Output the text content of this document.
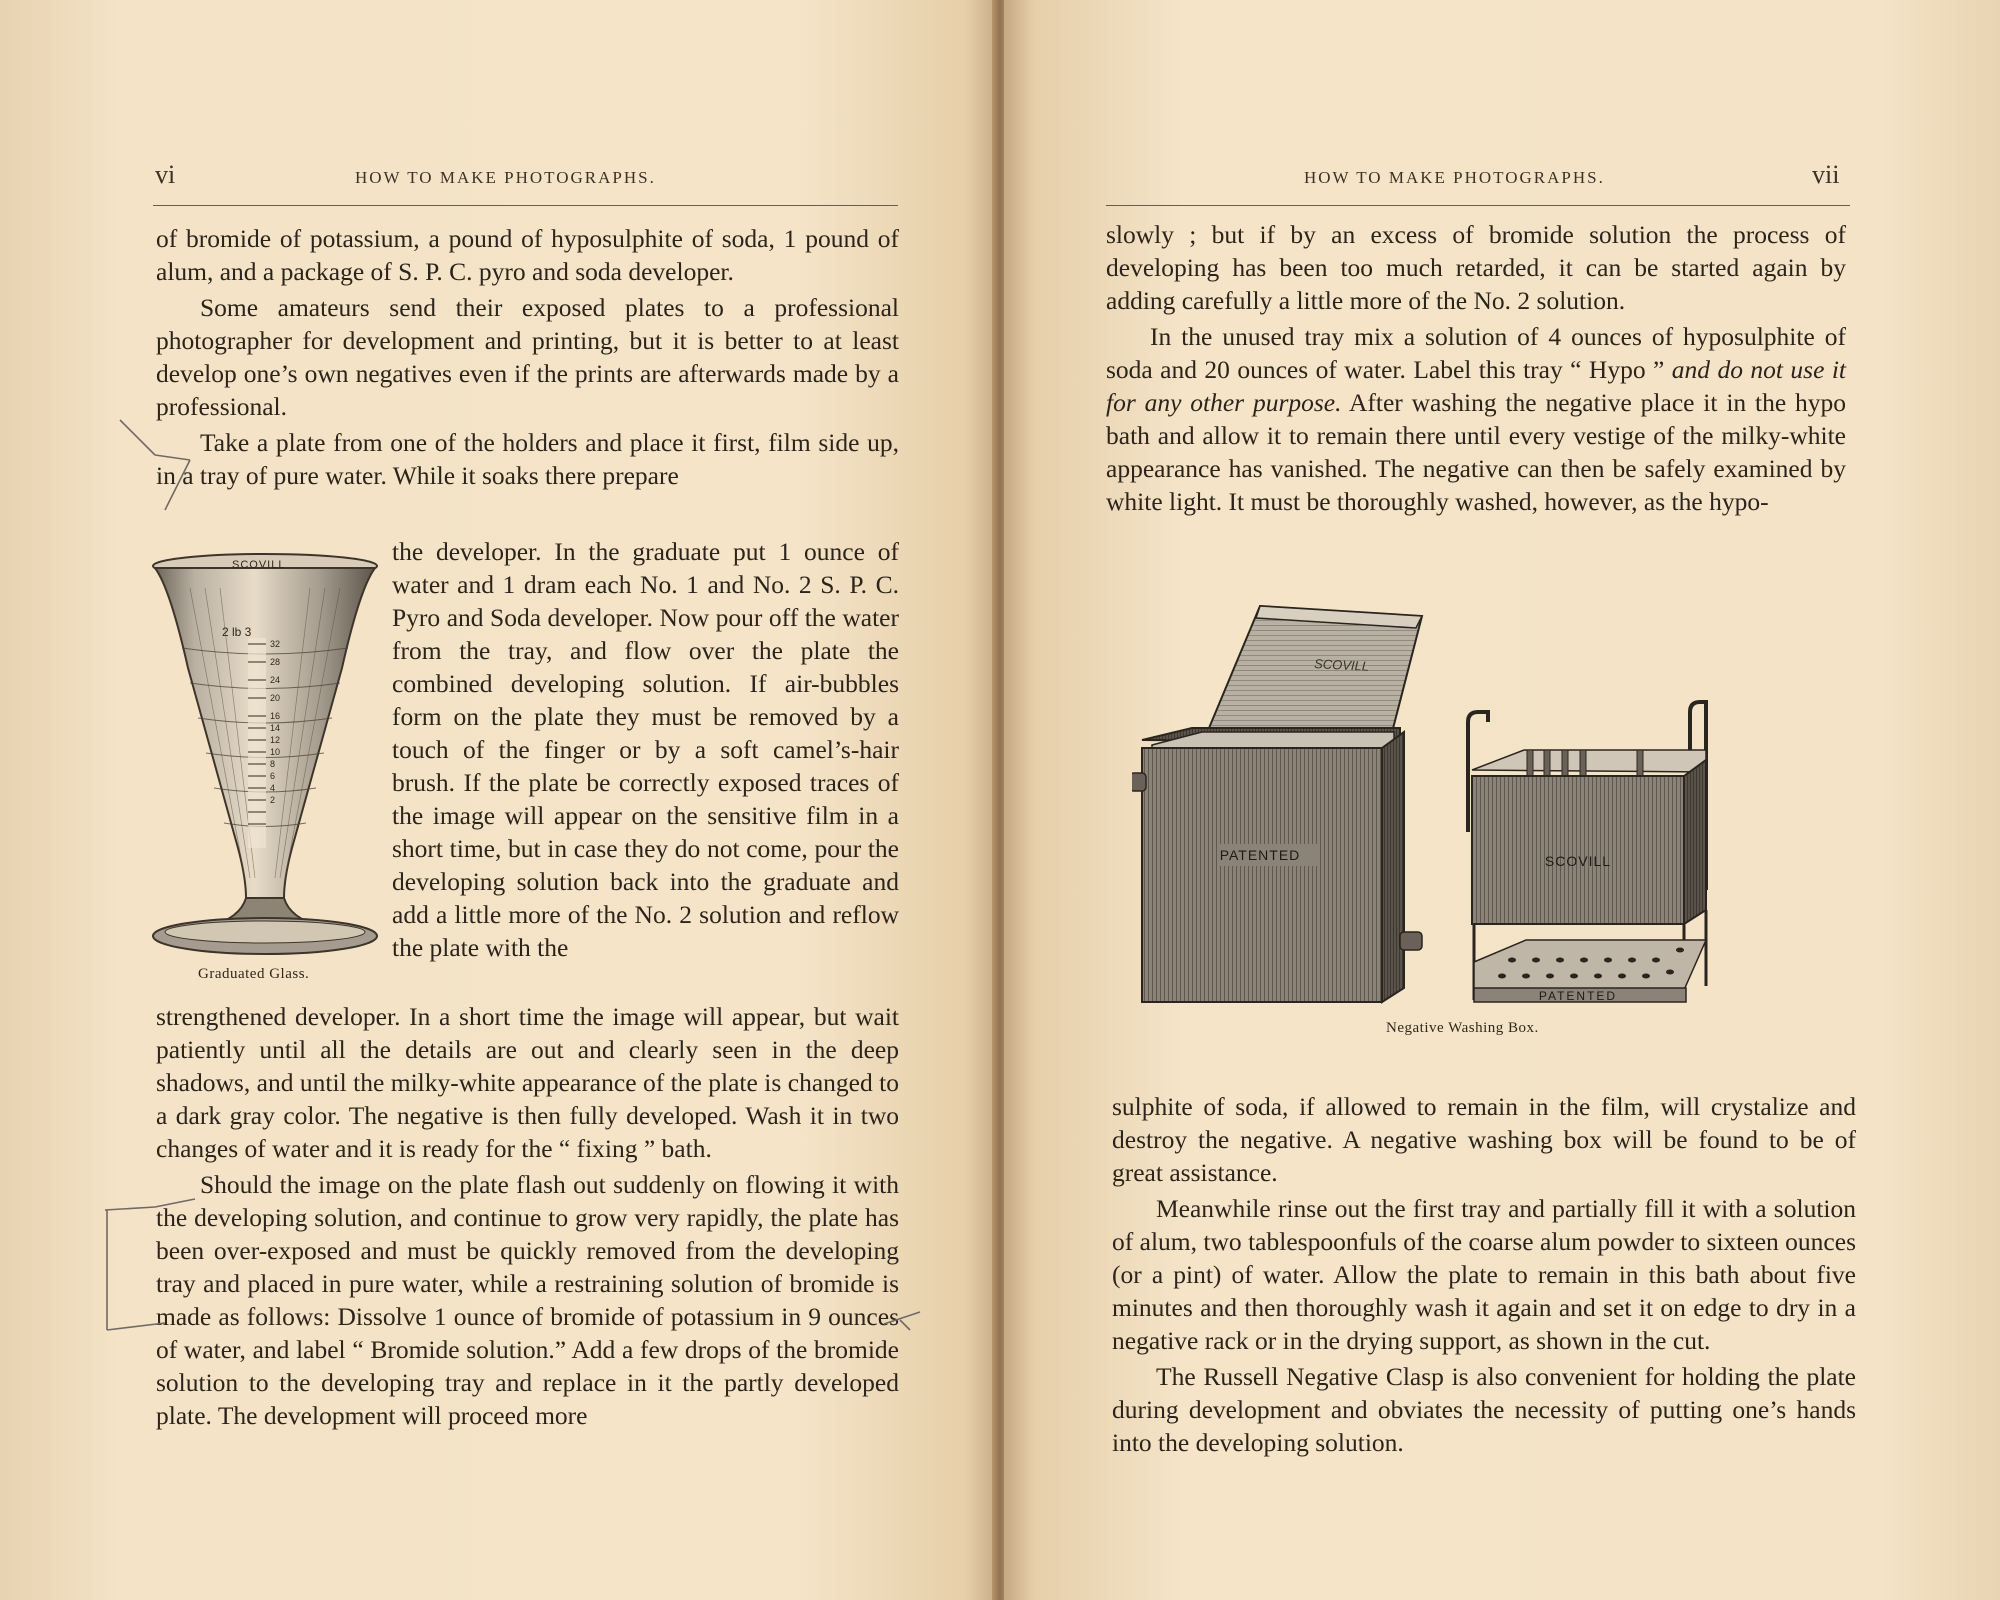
vi	HOW TO MAKE PHOTOGRAPHS.

of bromide of potassium, a pound of hyposulphite of soda, 1 pound of alum, and a package of S. P. C. pyro and soda developer.

Some amateurs send their exposed plates to a professional photographer for development and printing, but it is better to at least develop one’s own negatives even if the prints are afterwards made by a professional.

Take a plate from one of the holders and place it first, film side up, in a tray of pure water. While it soaks there prepare

the developer. In the graduate put 1 ounce of water and 1 dram each No. 1 and No. 2 S. P. C. Pyro and Soda developer. Now pour off the water from the tray, and flow over the plate the combined developing solution. If air-bubbles form on the plate they must be removed by a touch of the finger or by a soft camel’s-hair brush. If the plate be correctly exposed traces of the image will appear on the sensitive film in a short time, but in case they do not come, pour the developing solution back into the graduate and add a little more of the No. 2 solution and reflow the plate with the

strengthened developer. In a short time the image will appear, but wait patiently until all the details are out and clearly seen in the deep shadows, and until the milky-white appearance of the plate is changed to a dark gray color. The negative is then fully developed. Wash it in two changes of water and it is ready for the “ fixing ” bath.

Should the image on the plate flash out suddenly on flowing it with the developing solution, and continue to grow very rapidly, the plate has been over-exposed and must be quickly removed from the developing tray and placed in pure water, while a restraining solution of bromide is made as follows: Dissolve 1 ounce of bromide of potassium in 9 ounces of water, and label “ Bromide solution.” Add a few drops of the bromide solution to the developing tray and replace in it the partly developed plate. The development will proceed more

32
28
24
20
16
14
12
10
8
6
4
2
2 lb 3
SCOVILL
Graduated Glass.
vii
HOW TO MAKE PHOTOGRAPHS.

slowly ; but if by an excess of bromide solution the process of developing has been too much retarded, it can be started again by adding carefully a little more of the No. 2 solution.

In the unused tray mix a solution of 4 ounces of hyposulphite of soda and 20 ounces of water. Label this tray “ Hypo ” and do not use it for any other purpose. After washing the negative place it in the hypo bath and allow it to remain there until every vestige of the milky-white appearance has vanished. The negative can then be safely examined by white light. It must be thoroughly washed, however, as the hypo-

sulphite of soda, if allowed to remain in the film, will crystalize and destroy the negative. A negative washing box will be found to be of great assistance.

Meanwhile rinse out the first tray and partially fill it with a solution of alum, two tablespoonfuls of the coarse alum powder to sixteen ounces (or a pint) of water. Allow the plate to remain in this bath about five minutes and then thoroughly wash it again and set it on edge to dry in a negative rack or in the drying support, as shown in the cut.

The Russell Negative Clasp is also convenient for holding the plate during development and obviates the necessity of putting one’s hands into the developing solution.

SCOVILL
PATENTED	SCOVILL
PATENTED
Negative Washing Box.
